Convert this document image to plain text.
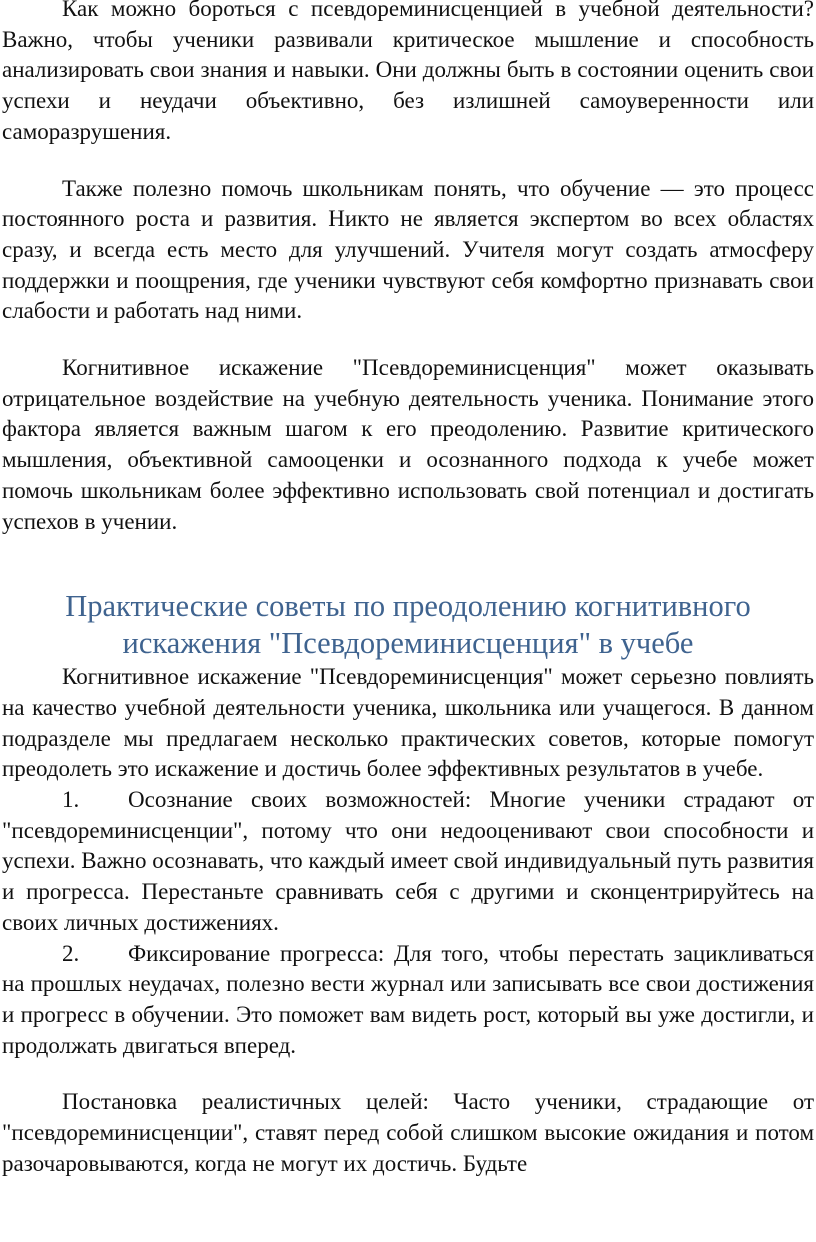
Как можно бороться с псевдореминисценцией в учебной деятельности? Важно, чтобы ученики развивали критическое мышление и способность анализировать свои знания и навыки. Они должны быть в состоянии оценить свои успехи и неудачи объективно, без излишней самоуверенности или саморазрушения.

Также полезно помочь школьникам понять, что обучение — это процесс постоянного роста и развития. Никто не является экспертом во всех областях сразу, и всегда есть место для улучшений. Учителя могут создать атмосферу поддержки и поощрения, где ученики чувствуют себя комфортно признавать свои слабости и работать над ними.

Когнитивное искажение "Псевдореминисценция" может оказывать отрицательное воздействие на учебную деятельность ученика. Понимание этого фактора является важным шагом к его преодолению. Развитие критического мышления, объективной самооценки и осознанного подхода к учебе может помочь школьникам более эффективно использовать свой потенциал и достигать успехов в учении.

Практические советы по преодолению когнитивного искажения "Псевдореминисценция" в учебе

Когнитивное искажение "Псевдореминисценция" может серьезно повлиять на качество учебной деятельности ученика, школьника или учащегося. В данном подразделе мы предлагаем несколько практических советов, которые помогут преодолеть это искажение и достичь более эффективных результатов в учебе.

1. Осознание своих возможностей: Многие ученики страдают от "псевдореминисценции", потому что они недооценивают свои способности и успехи. Важно осознавать, что каждый имеет свой индивидуальный путь развития и прогресса. Перестаньте сравнивать себя с другими и сконцентрируйтесь на своих личных достижениях.

2. Фиксирование прогресса: Для того, чтобы перестать зацикливаться на прошлых неудачах, полезно вести журнал или записывать все свои достижения и прогресс в обучении. Это поможет вам видеть рост, который вы уже достигли, и продолжать двигаться вперед.

Постановка реалистичных целей: Часто ученики, страдающие от "псевдореминисценции", ставят перед собой слишком высокие ожидания и потом разочаровываются, когда не могут их достичь. Будьте
